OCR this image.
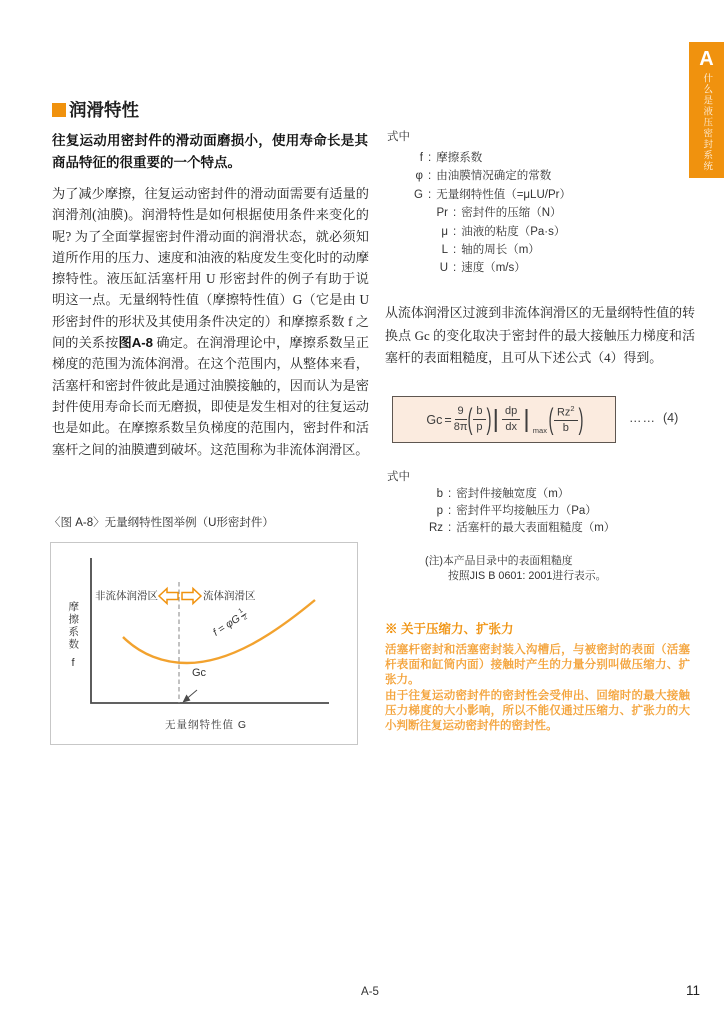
A
什么是液压密封系统
润滑特性

往复运动用密封件的滑动面磨损小，使用寿命长是其商品特征的很重要的一个特点。

为了减少摩擦，往复运动密封件的滑动面需要有适量的润滑剂(油膜)。润滑特性是如何根据使用条件来变化的呢? 为了全面掌握密封件滑动面的润滑状态，就必须知道所作用的压力、速度和油液的粘度发生变化时的动摩擦特性。液压缸活塞杆用 U 形密封件的例子有助于说明这一点。无量纲特性值（摩擦特性值）G（它是由 U 形密封件的形状及其使用条件决定的）和摩擦系数 f 之间的关系按图A-8 确定。在润滑理论中，摩擦系数呈正梯度的范围为流体润滑。在这个范围内，从整体来看，活塞杆和密封件彼此是通过油膜接触的，因而认为是密封件使用寿命长而无磨损，即使是发生相对的往复运动也是如此。在摩擦系数呈负梯度的范围内，密封件和活塞杆之间的油膜遭到破坏。这范围称为非流体润滑区。

〈图 A-8〉无量纲特性图举例（U形密封件）
摩擦系数
f
无量纲特性值 G
非流体润滑区	流体润滑区
f = φG
1
2
Gc
式中
f : 摩擦系数
φ : 由油膜情况确定的常数
G : 无量纲特性值（=μLU/Pr）
Pr : 密封件的压缩（N）
μ : 油液的粘度（Pa·s）
L : 轴的周长（m）
U : 速度（m/s）

从流体润滑区过渡到非流体润滑区的无量纲特性值的转换点 Gc 的变化取决于密封件的最大接触压力梯度和活塞杆的表面粗糙度，且可从下述公式（4）得到。

$Gc = \frac{9}{8\pi}$ ( b
p ) | dp
dx | max ( Rz$^2$
b )	…… (4)
式中
b : 密封件接触宽度（m）
p : 密封件平均接触压力（Pa）
Rz : 活塞杆的最大表面粗糙度（m）
(注)本产品目录中的表面粗糙度
按照JIS B 0601: 2001进行表示。
※ 关于压缩力、扩张力

活塞杆密封和活塞密封装入沟槽后，与被密封的表面（活塞杆表面和缸筒内面）接触时产生的力量分别叫做压缩力、扩张力。

由于往复运动密封件的密封性会受伸出、回缩时的最大接触压力梯度的大小影响，所以不能仅通过压缩力、扩张力的大小判断往复运动密封件的密封性。

A-5	11
